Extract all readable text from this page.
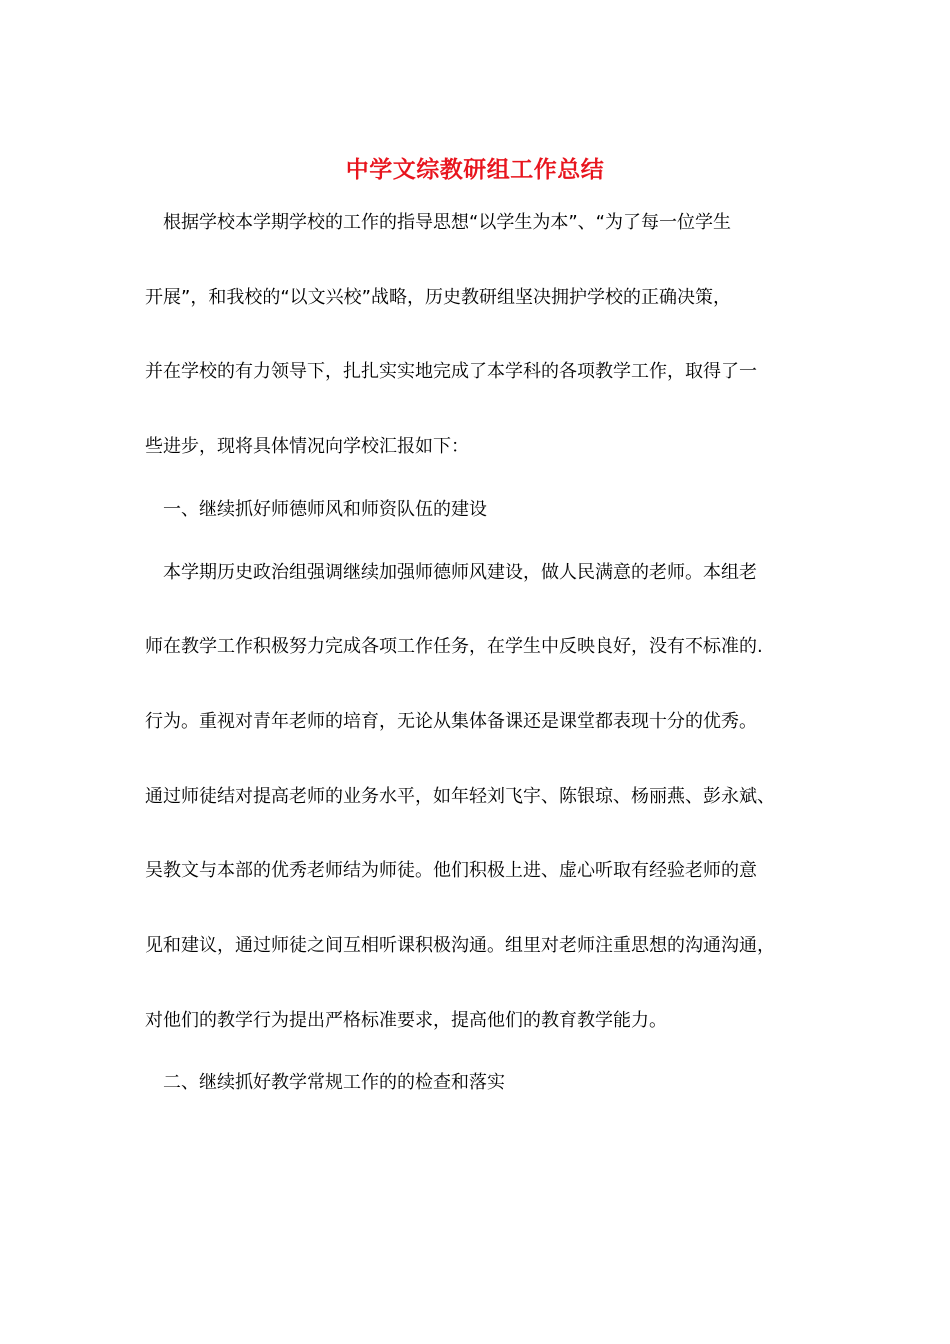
中学文综教研组工作总结
根据学校本学期学校的工作的指导思想“以学生为本”、“为了每一位学生
开展”，和我校的“以文兴校”战略，历史教研组坚决拥护学校的正确决策，
并在学校的有力领导下，扎扎实实地完成了本学科的各项教学工作，取得了一
些进步，现将具体情况向学校汇报如下：
一、继续抓好师德师风和师资队伍的建设
本学期历史政治组强调继续加强师德师风建设，做人民满意的老师。本组老
师在教学工作积极努力完成各项工作任务，在学生中反映良好，没有不标准的.
行为。重视对青年老师的培育，无论从集体备课还是课堂都表现十分的优秀。
通过师徒结对提高老师的业务水平，如年轻刘飞宇、陈银琼、杨丽燕、彭永斌、
吴教文与本部的优秀老师结为师徒。他们积极上进、虚心听取有经验老师的意
见和建议，通过师徒之间互相听课积极沟通。组里对老师注重思想的沟通沟通，
对他们的教学行为提出严格标准要求，提高他们的教育教学能力。
二、继续抓好教学常规工作的的检查和落实
